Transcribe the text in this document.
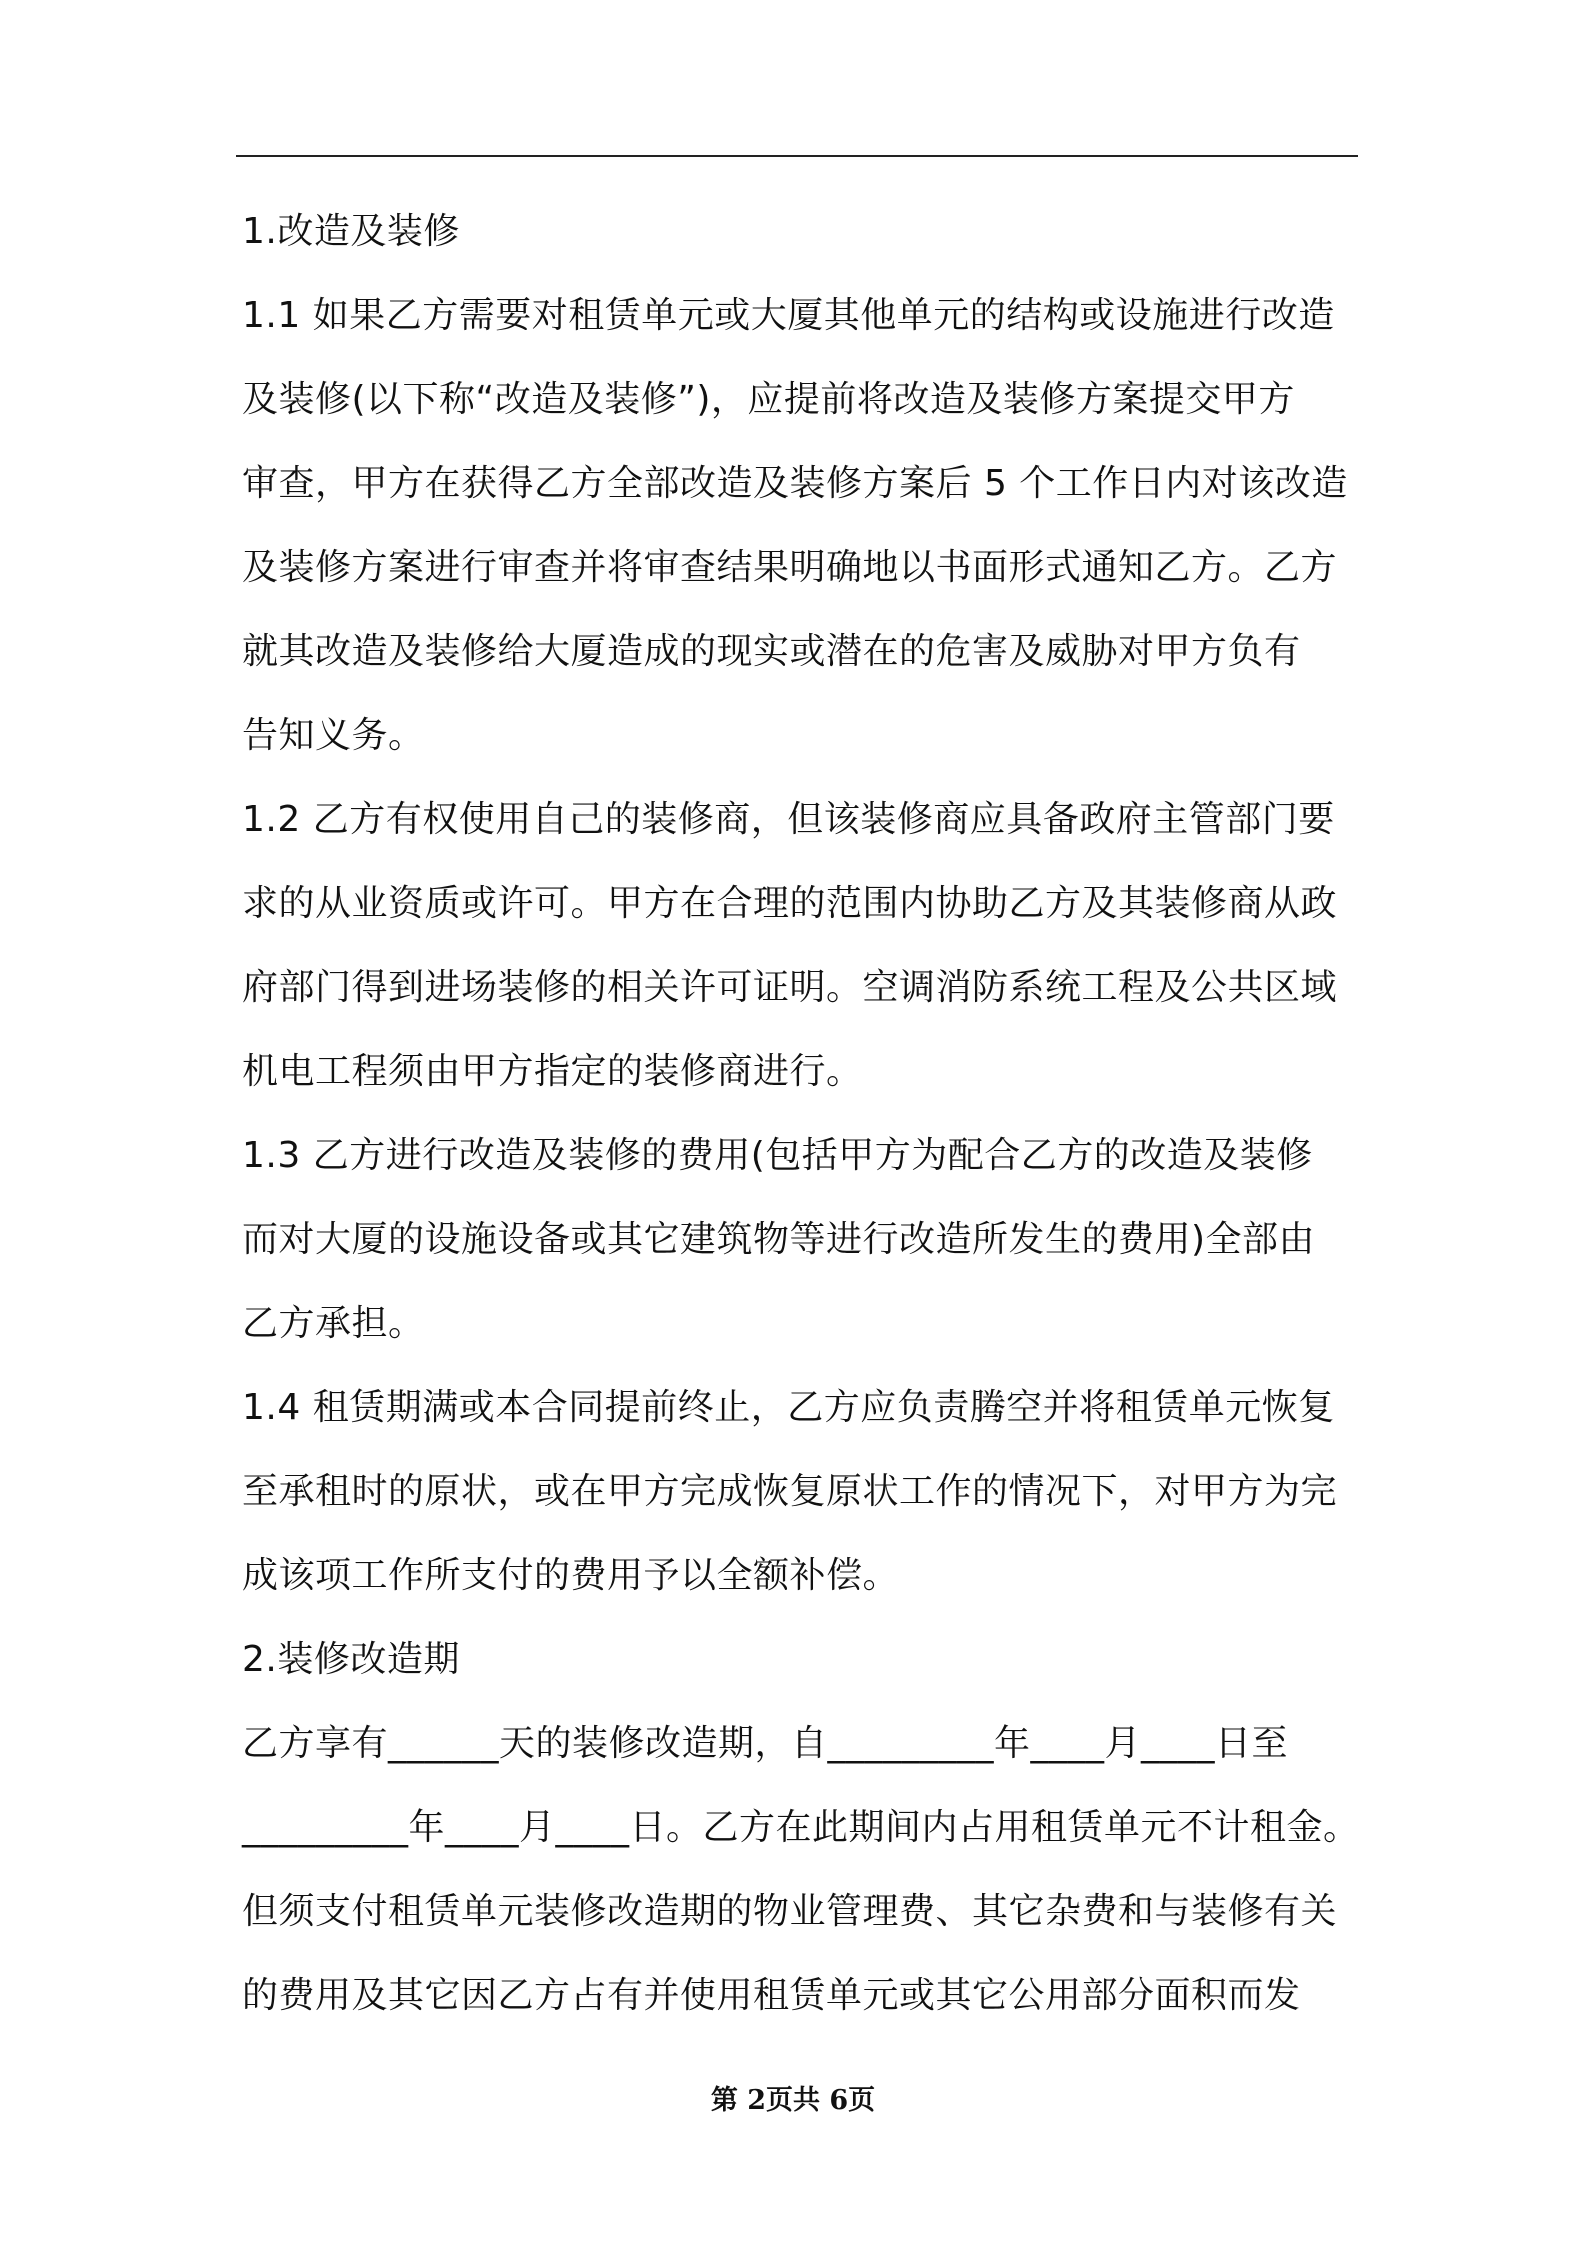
1.改造及装修
1.1 如果乙方需要对租赁单元或大厦其他单元的结构或设施进行改造
及装修(以下称“改造及装修”)，应提前将改造及装修方案提交甲方
审查，甲方在获得乙方全部改造及装修方案后 5 个工作日内对该改造
及装修方案进行审查并将审查结果明确地以书面形式通知乙方。乙方
就其改造及装修给大厦造成的现实或潜在的危害及威胁对甲方负有
告知义务。
1.2 乙方有权使用自己的装修商，但该装修商应具备政府主管部门要
求的从业资质或许可。甲方在合理的范围内协助乙方及其装修商从政
府部门得到进场装修的相关许可证明。空调消防系统工程及公共区域
机电工程须由甲方指定的装修商进行。
1.3 乙方进行改造及装修的费用(包括甲方为配合乙方的改造及装修
而对大厦的设施设备或其它建筑物等进行改造所发生的费用)全部由
乙方承担。
1.4 租赁期满或本合同提前终止，乙方应负责腾空并将租赁单元恢复
至承租时的原状，或在甲方完成恢复原状工作的情况下，对甲方为完
成该项工作所支付的费用予以全额补偿。
2.装修改造期
乙方享有______天的装修改造期，自_________年____月____日至
_________年____月____日。乙方在此期间内占用租赁单元不计租金。
但须支付租赁单元装修改造期的物业管理费、其它杂费和与装修有关
的费用及其它因乙方占有并使用租赁单元或其它公用部分面积而发
第 2页共 6页
